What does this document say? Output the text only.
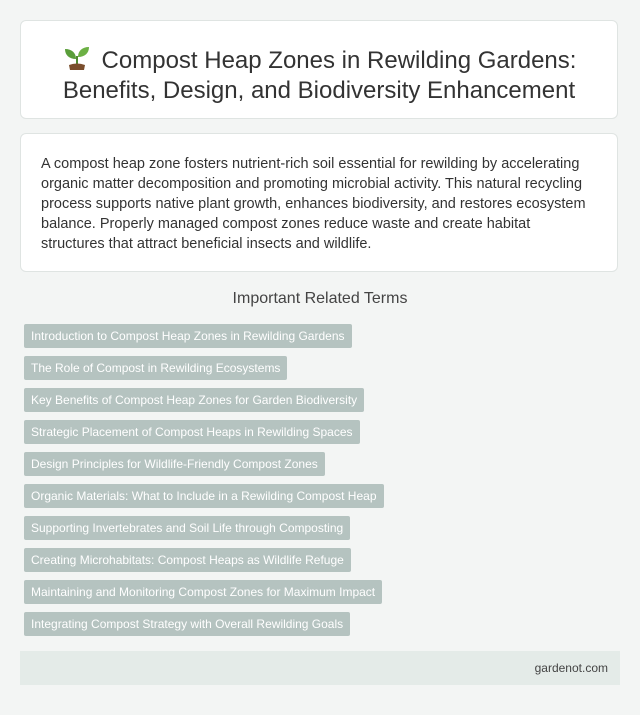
Compost Heap Zones in Rewilding Gardens: Benefits, Design, and Biodiversity Enhancement

A compost heap zone fosters nutrient-rich soil essential for rewilding by accelerating organic matter decomposition and promoting microbial activity. This natural recycling process supports native plant growth, enhances biodiversity, and restores ecosystem balance. Properly managed compost zones reduce waste and create habitat structures that attract beneficial insects and wildlife.

Important Related Terms
Introduction to Compost Heap Zones in Rewilding Gardens
The Role of Compost in Rewilding Ecosystems
Key Benefits of Compost Heap Zones for Garden Biodiversity
Strategic Placement of Compost Heaps in Rewilding Spaces
Design Principles for Wildlife-Friendly Compost Zones
Organic Materials: What to Include in a Rewilding Compost Heap
Supporting Invertebrates and Soil Life through Composting
Creating Microhabitats: Compost Heaps as Wildlife Refuge
Maintaining and Monitoring Compost Zones for Maximum Impact
Integrating Compost Strategy with Overall Rewilding Goals
gardenot.com
